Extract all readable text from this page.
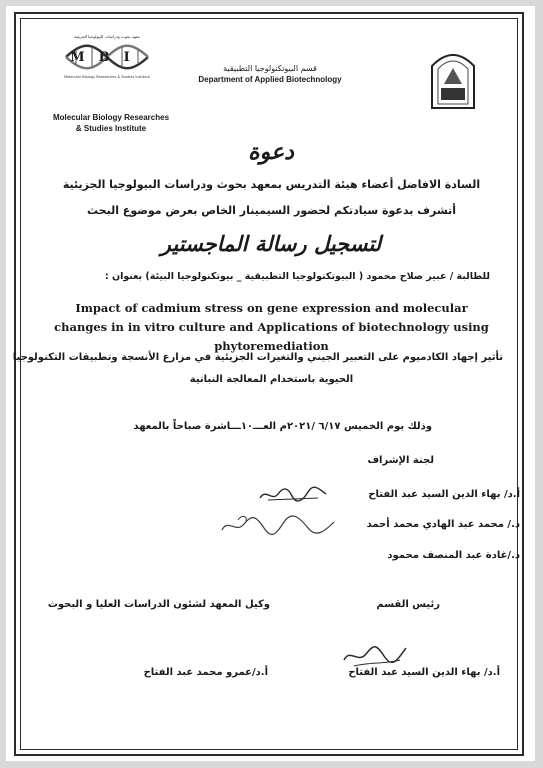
معهد بحوث ودراسات البيولوجيا الجزيئية
MBI
Molecular Biology Researches & Studies Institute
Molecular Biology Researches
& Studies Institute
قسم البيوتكنولوجيا التطبيقية
Department of Applied Biotechnology
دعوة
السادة الافاضل أعضاء هيئة التدريس بمعهد بحوث ودراسات البيولوجيا الجزيئية
أتشرف بدعوة سيادتكم لحضور السيمينار الخاص بعرض موضوع البحث
لتسجيل رسالة الماجستير
للطالبة / عبير صلاح محمود ( البيوتكنولوجيا التطبيقية _ بيوتكنولوجيا البيئة) بعنوان :
Impact of cadmium stress on gene expression and molecular changes in in vitro culture and Applications of biotechnology using phytoremediation
تأثير إجهاد الكادميوم على التعبير الجيني والتغيرات الجزيئية في مزارع الأنسجة وتطبيقات التكنولوجيا
الحيوية باستخدام المعالجة النباتية
وذلك يوم الخميس ٦/١٧ /٢٠٢١م العـــ١٠ـــاشرة صباحاً بالمعهد
لجنة الإشراف
أ.د/ بهاء الدين السيد عبد الفتاح
د./ محمد عبد الهادي محمد أحمد
د./غادة عبد المنصف محمود
رئيس القسم
وكيل المعهد لشئون الدراسات العليا و البحوث
أ.د/ بهاء الدين السيد عبد الفتاح
أ.د/عمرو محمد عبد الفتاح
